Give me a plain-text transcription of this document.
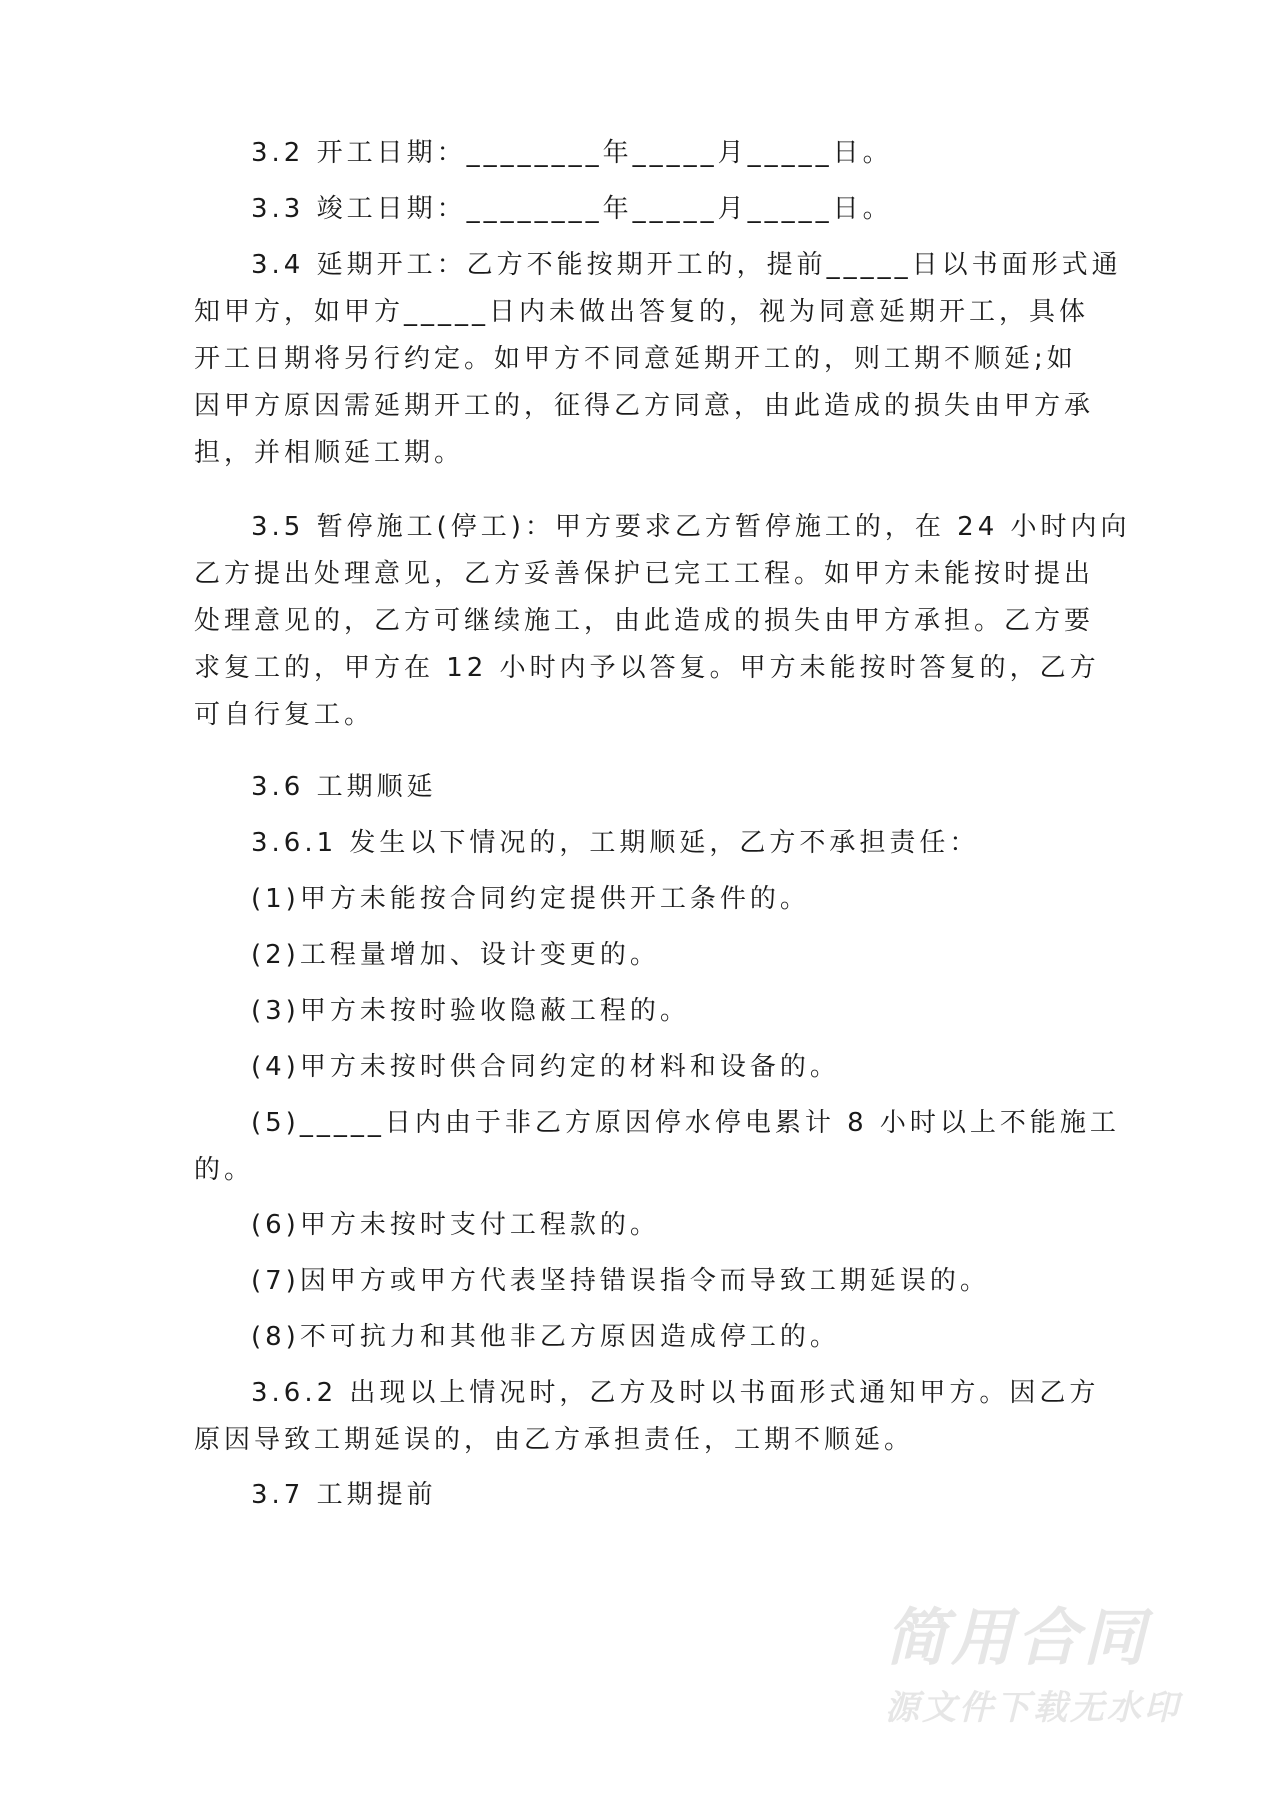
3.2 开工日期：________年_____月_____日。
3.3 竣工日期：________年_____月_____日。
3.4 延期开工：乙方不能按期开工的，提前_____日以书面形式通
知甲方，如甲方_____日内未做出答复的，视为同意延期开工，具体
开工日期将另行约定。如甲方不同意延期开工的，则工期不顺延;如
因甲方原因需延期开工的，征得乙方同意，由此造成的损失由甲方承
担，并相顺延工期。
3.5 暂停施工(停工)：甲方要求乙方暂停施工的，在 24 小时内向
乙方提出处理意见，乙方妥善保护已完工工程。如甲方未能按时提出
处理意见的，乙方可继续施工，由此造成的损失由甲方承担。乙方要
求复工的，甲方在 12 小时内予以答复。甲方未能按时答复的，乙方
可自行复工。
3.6 工期顺延
3.6.1 发生以下情况的，工期顺延，乙方不承担责任：
(1)甲方未能按合同约定提供开工条件的。
(2)工程量增加、设计变更的。
(3)甲方未按时验收隐蔽工程的。
(4)甲方未按时供合同约定的材料和设备的。
(5)_____日内由于非乙方原因停水停电累计 8 小时以上不能施工
的。
(6)甲方未按时支付工程款的。
(7)因甲方或甲方代表坚持错误指令而导致工期延误的。
(8)不可抗力和其他非乙方原因造成停工的。
3.6.2 出现以上情况时，乙方及时以书面形式通知甲方。因乙方
原因导致工期延误的，由乙方承担责任，工期不顺延。
3.7 工期提前
简用合同
源文件下载无水印
